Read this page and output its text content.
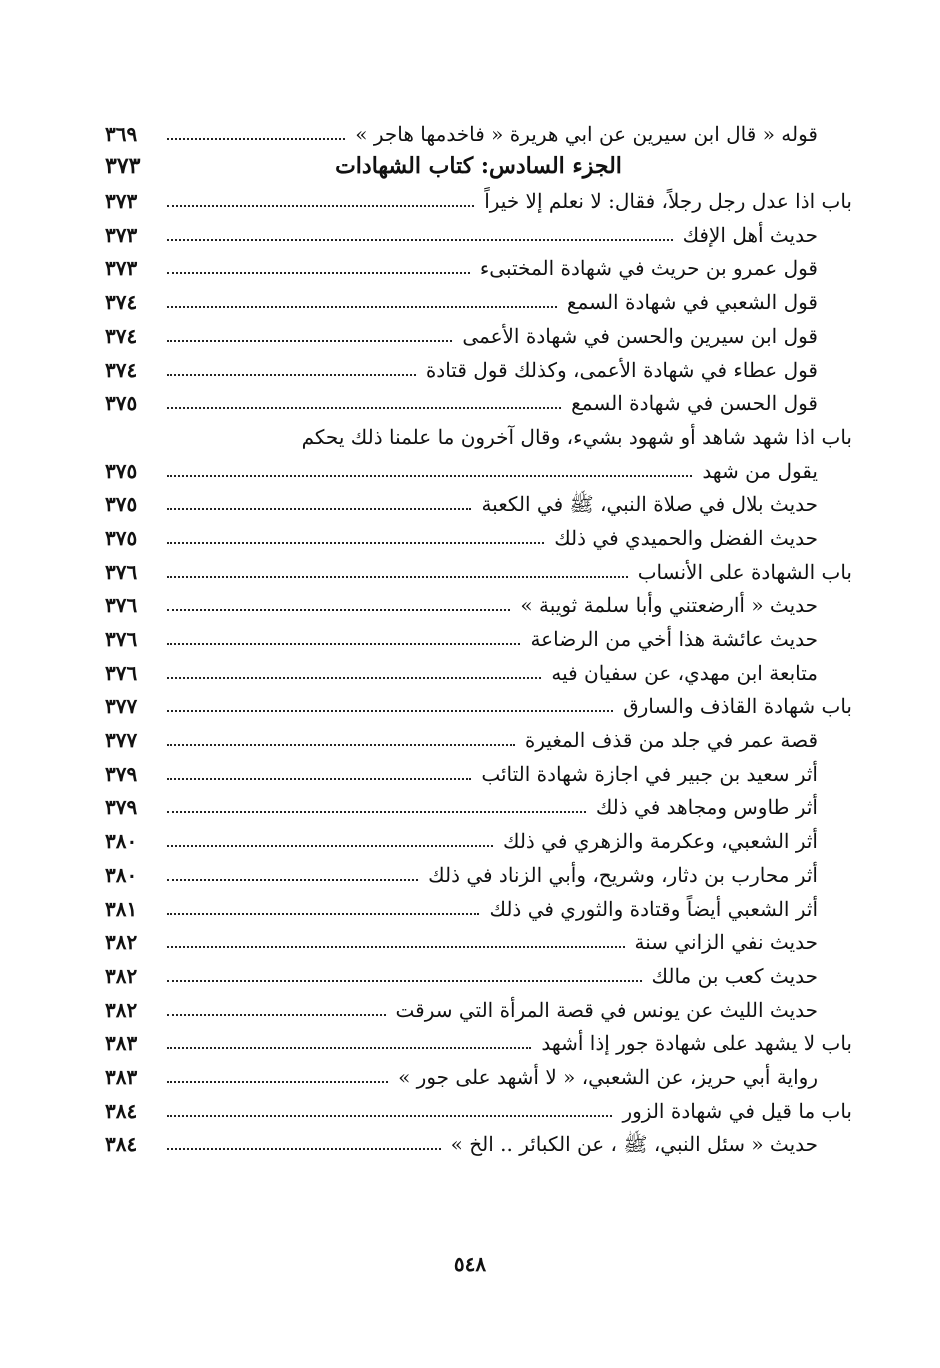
قوله « قال ابن سيرين عن ابي هريرة « فاخدمها هاجر »
٣٦٩
الجزء السادس: كتاب الشهادات
٣٧٣
باب اذا عدل رجل رجلاً، فقال: لا نعلم إلا خيراً
٣٧٣
حديث أهل الإفك
٣٧٣
قول عمرو بن حريث في شهادة المختبىء
٣٧٣
قول الشعبي في شهادة السمع
٣٧٤
قول ابن سيرين والحسن في شهادة الأعمى
٣٧٤
قول عطاء في شهادة الأعمى، وكذلك قول قتادة
٣٧٤
قول الحسن في شهادة السمع
٣٧٥
باب اذا شهد شاهد أو شهود بشيء، وقال آخرون ما علمنا ذلك يحكم
يقول من شهد
٣٧٥
حديث بلال في صلاة النبي، ﷺ في الكعبة
٣٧٥
حديث الفضل والحميدي في ذلك
٣٧٥
باب الشهادة على الأنساب
٣٧٦
حديث « أارضعتني وأبا سلمة ثويبة »
٣٧٦
حديث عائشة هذا أخي من الرضاعة
٣٧٦
متابعة ابن مهدي، عن سفيان فيه
٣٧٦
باب شهادة القاذف والسارق
٣٧٧
قصة عمر في جلد من قذف المغيرة
٣٧٧
أثر سعيد بن جبير في اجازة شهادة التائب
٣٧٩
أثر طاوس ومجاهد في ذلك
٣٧٩
أثر الشعبي، وعكرمة والزهري في ذلك
٣٨٠
أثر محارب بن دثار، وشريح، وأبي الزناد في ذلك
٣٨٠
أثر الشعبي أيضاً وقتادة والثوري في ذلك
٣٨١
حديث نفي الزاني سنة
٣٨٢
حديث كعب بن مالك
٣٨٢
حديث الليث عن يونس في قصة المرأة التي سرقت
٣٨٢
باب لا يشهد على شهادة جور إذا أشهد
٣٨٣
رواية أبي حريز، عن الشعبي، « لا أشهد على جور »
٣٨٣
باب ما قيل في شهادة الزور
٣٨٤
حديث « سئل النبي، ﷺ ، عن الكبائر .. الخ »
٣٨٤
٥٤٨
